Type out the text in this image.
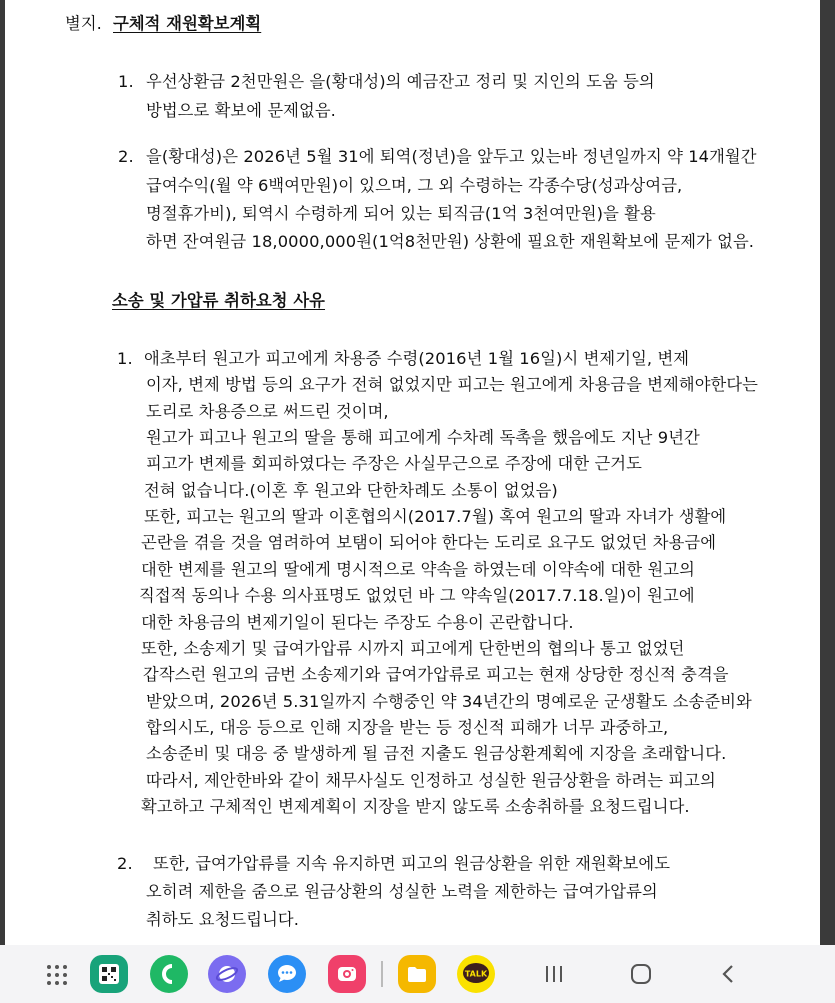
별지. 구체적 재원확보계획
1. 우선상환금 2천만원은 을(황대성)의 예금잔고 정리 및 지인의 도움 등의
방법으로 확보에 문제없음.
2. 을(황대성)은 2026년 5월 31에 퇴역(정년)을 앞두고 있는바 정년일까지 약 14개월간
급여수익(월 약 6백여만원)이 있으며, 그 외 수령하는 각종수당(성과상여금,
명절휴가비), 퇴역시 수령하게 되어 있는 퇴직금(1억 3천여만원)을 활용
하면 잔여원금 18,0000,000원(1억8천만원) 상환에 필요한 재원확보에 문제가 없음.
소송 및 가압류 취하요청 사유
1. 애초부터 원고가 피고에게 차용증 수령(2016년 1월 16일)시 변제기일, 변제
이자, 변제 방법 등의 요구가 전혀 없었지만 피고는 원고에게 차용금을 변제해야한다는
도리로 차용증으로 써드린 것이며,
원고가 피고나 원고의 딸을 통해 피고에게 수차례 독촉을 했음에도 지난 9년간
피고가 변제를 회피하였다는 주장은 사실무근으로 주장에 대한 근거도
전혀 없습니다.(이혼 후 원고와 단한차례도 소통이 없었음)
또한, 피고는 원고의 딸과 이혼협의시(2017.7월) 혹여 원고의 딸과 자녀가 생활에
곤란을 겪을 것을 염려하여 보탬이 되어야 한다는 도리로 요구도 없었던 차용금에
대한 변제를 원고의 딸에게 명시적으로 약속을 하였는데 이약속에 대한 원고의
직접적 동의나 수용 의사표명도 없었던 바 그 약속일(2017.7.18.일)이 원고에
대한 차용금의 변제기일이 된다는 주장도 수용이 곤란합니다.
또한, 소송제기 및 급여가압류 시까지 피고에게 단한번의 협의나 통고 없었던
갑작스런 원고의 금번 소송제기와 급여가압류로 피고는 현재 상당한 정신적 충격을
받았으며, 2026년 5.31일까지 수행중인 약 34년간의 명예로운 군생활도 소송준비와
합의시도, 대응 등으로 인해 지장을 받는 등 정신적 피해가 너무 과중하고,
소송준비 및 대응 중 발생하게 될 금전 지출도 원금상환계획에 지장을 초래합니다.
따라서, 제안한바와 같이 채무사실도 인정하고 성실한 원금상환을 하려는 피고의
확고하고 구체적인 변제계획이 지장을 받지 않도록 소송취하를 요청드립니다.
2. 또한, 급여가압류를 지속 유지하면 피고의 원금상환을 위한 재원확보에도
오히려 제한을 줌으로 원금상환의 성실한 노력을 제한하는 급여가압류의
취하도 요청드립니다.
TALK
